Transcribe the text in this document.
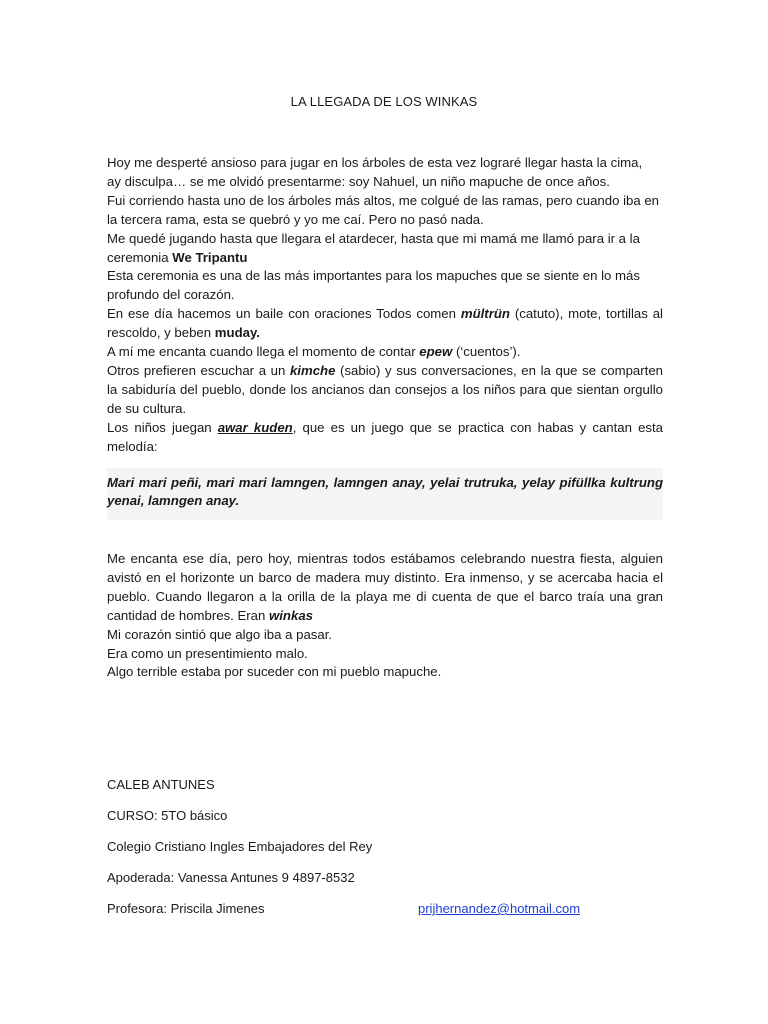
LA LLEGADA DE LOS WINKAS

Hoy me desperté ansioso para jugar en los árboles de esta vez lograré llegar hasta la cima,

ay disculpa… se me olvidó presentarme: soy Nahuel, un niño mapuche de once años.

Fui corriendo hasta uno de los árboles más altos, me colgué de las ramas, pero cuando iba en la tercera rama, esta se quebró y yo me caí. Pero no pasó nada.

Me quedé jugando hasta que llegara el atardecer, hasta que mi mamá me llamó para ir a la ceremonia We Tripantu

Esta ceremonia es una de las más importantes para los mapuches que se siente en lo más profundo del corazón.

En ese día hacemos un baile con oraciones Todos comen mültrün (catuto), mote, tortillas al rescoldo, y beben muday.

A mí me encanta cuando llega el momento de contar epew (‘cuentos’).

Otros prefieren escuchar a un kimche (sabio) y sus conversaciones, en la que se comparten la sabiduría del pueblo, donde los ancianos dan consejos a los niños para que sientan orgullo de su cultura.

Los niños juegan awar kuden, que es un juego que se practica con habas y cantan esta melodía:

Mari mari peñi, mari mari lamngen, lamngen anay, yelai trutruka, yelay pifüllka kultrung yenai, lamngen anay.

Me encanta ese día, pero hoy, mientras todos estábamos celebrando nuestra fiesta, alguien avistó en el horizonte un barco de madera muy distinto. Era inmenso, y se acercaba hacia el pueblo. Cuando llegaron a la orilla de la playa me di cuenta de que el barco traía una gran cantidad de hombres. Eran winkas

Mi corazón sintió que algo iba a pasar.

Era como un presentimiento malo.

Algo terrible estaba por suceder con mi pueblo mapuche.

CALEB ANTUNES
CURSO: 5TO básico
Colegio Cristiano Ingles Embajadores del Rey
Apoderada: Vanessa Antunes 9 4897-8532
Profesora: Priscila Jimenes	prijhernandez@hotmail.com
